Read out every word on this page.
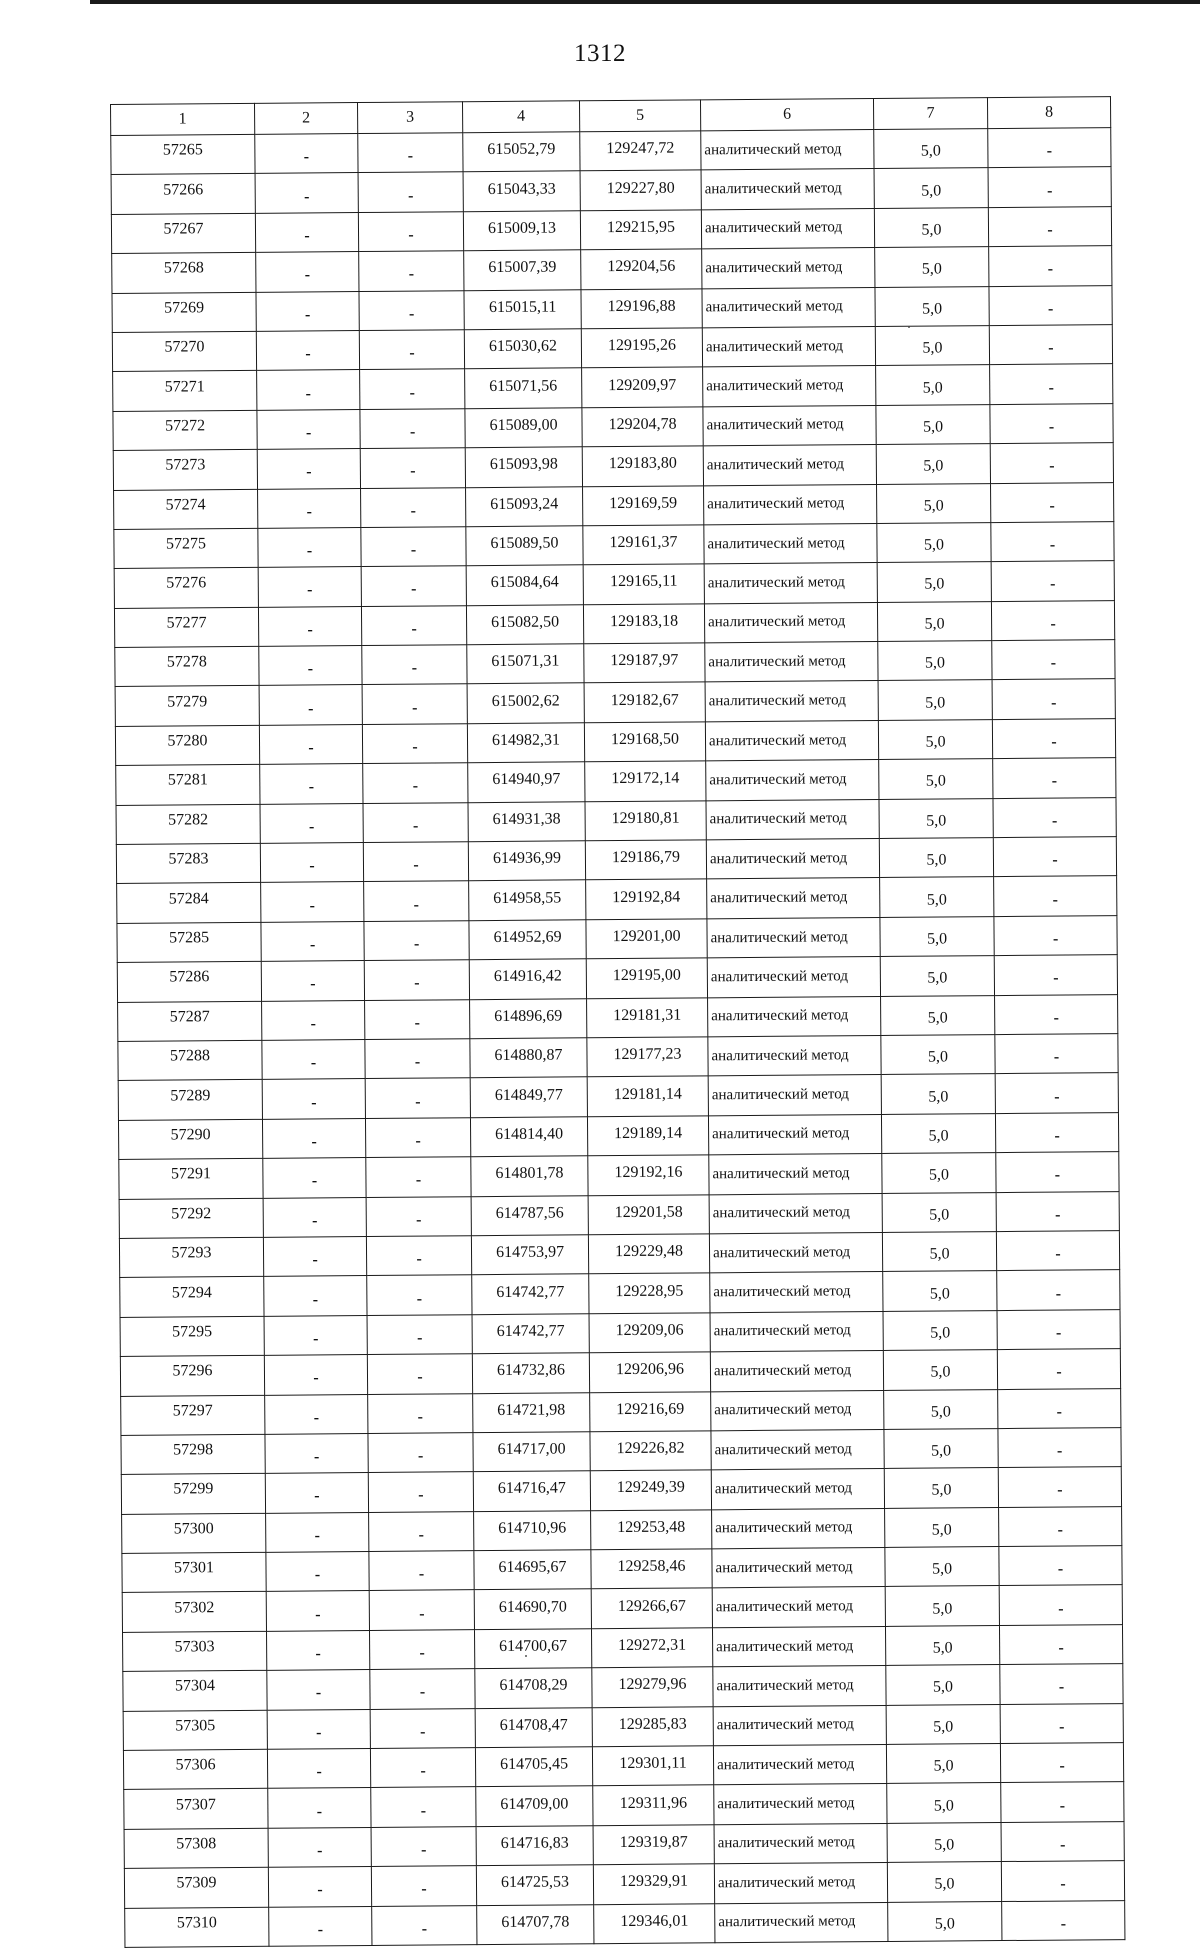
1312
1	2	3	4	5	6	7	8
57265	-	-	615052,79	129247,72	аналитический метод	5,0	-
57266	-	-	615043,33	129227,80	аналитический метод	5,0	-
57267	-	-	615009,13	129215,95	аналитический метод	5,0	-
57268	-	-	615007,39	129204,56	аналитический метод	5,0	-
57269	-	-	615015,11	129196,88	аналитический метод	5,0	-
57270	-	-	615030,62	129195,26	аналитический метод	5,0	-
57271	-	-	615071,56	129209,97	аналитический метод	5,0	-
57272	-	-	615089,00	129204,78	аналитический метод	5,0	-
57273	-	-	615093,98	129183,80	аналитический метод	5,0	-
57274	-	-	615093,24	129169,59	аналитический метод	5,0	-
57275	-	-	615089,50	129161,37	аналитический метод	5,0	-
57276	-	-	615084,64	129165,11	аналитический метод	5,0	-
57277	-	-	615082,50	129183,18	аналитический метод	5,0	-
57278	-	-	615071,31	129187,97	аналитический метод	5,0	-
57279	-	-	615002,62	129182,67	аналитический метод	5,0	-
57280	-	-	614982,31	129168,50	аналитический метод	5,0	-
57281	-	-	614940,97	129172,14	аналитический метод	5,0	-
57282	-	-	614931,38	129180,81	аналитический метод	5,0	-
57283	-	-	614936,99	129186,79	аналитический метод	5,0	-
57284	-	-	614958,55	129192,84	аналитический метод	5,0	-
57285	-	-	614952,69	129201,00	аналитический метод	5,0	-
57286	-	-	614916,42	129195,00	аналитический метод	5,0	-
57287	-	-	614896,69	129181,31	аналитический метод	5,0	-
57288	-	-	614880,87	129177,23	аналитический метод	5,0	-
57289	-	-	614849,77	129181,14	аналитический метод	5,0	-
57290	-	-	614814,40	129189,14	аналитический метод	5,0	-
57291	-	-	614801,78	129192,16	аналитический метод	5,0	-
57292	-	-	614787,56	129201,58	аналитический метод	5,0	-
57293	-	-	614753,97	129229,48	аналитический метод	5,0	-
57294	-	-	614742,77	129228,95	аналитический метод	5,0	-
57295	-	-	614742,77	129209,06	аналитический метод	5,0	-
57296	-	-	614732,86	129206,96	аналитический метод	5,0	-
57297	-	-	614721,98	129216,69	аналитический метод	5,0	-
57298	-	-	614717,00	129226,82	аналитический метод	5,0	-
57299	-	-	614716,47	129249,39	аналитический метод	5,0	-
57300	-	-	614710,96	129253,48	аналитический метод	5,0	-
57301	-	-	614695,67	129258,46	аналитический метод	5,0	-
57302	-	-	614690,70	129266,67	аналитический метод	5,0	-
57303	-	-	614700,67	129272,31	аналитический метод	5,0	-
57304	-	-	614708,29	129279,96	аналитический метод	5,0	-
57305	-	-	614708,47	129285,83	аналитический метод	5,0	-
57306	-	-	614705,45	129301,11	аналитический метод	5,0	-
57307	-	-	614709,00	129311,96	аналитический метод	5,0	-
57308	-	-	614716,83	129319,87	аналитический метод	5,0	-
57309	-	-	614725,53	129329,91	аналитический метод	5,0	-
57310	-	-	614707,78	129346,01	аналитический метод	5,0	-
